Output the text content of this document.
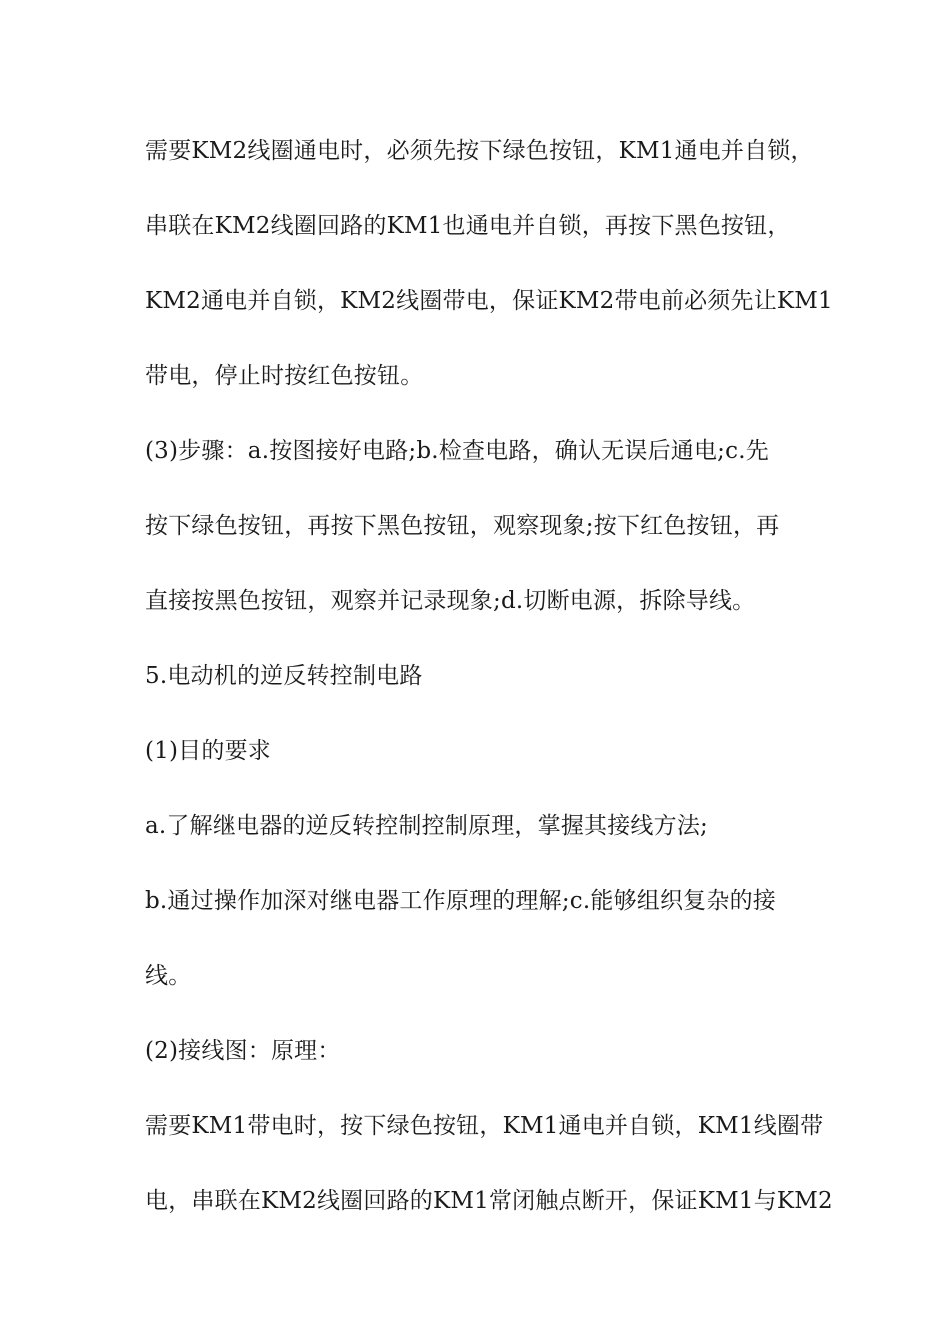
需要KM2线圈通电时，必须先按下绿色按钮，KM1通电并自锁，
串联在KM2线圈回路的KM1也通电并自锁，再按下黑色按钮，
KM2通电并自锁，KM2线圈带电，保证KM2带电前必须先让KM1
带电，停止时按红色按钮。
(3)步骤：a.按图接好电路;b.检查电路，确认无误后通电;c.先
按下绿色按钮，再按下黑色按钮，观察现象;按下红色按钮，再
直接按黑色按钮，观察并记录现象;d.切断电源，拆除导线。
5.电动机的逆反转控制电路
(1)目的要求
a.了解继电器的逆反转控制控制原理，掌握其接线方法;
b.通过操作加深对继电器工作原理的理解;c.能够组织复杂的接
线。
(2)接线图：原理：
需要KM1带电时，按下绿色按钮，KM1通电并自锁，KM1线圈带
电，串联在KM2线圈回路的KM1常闭触点断开，保证KM1与KM2
